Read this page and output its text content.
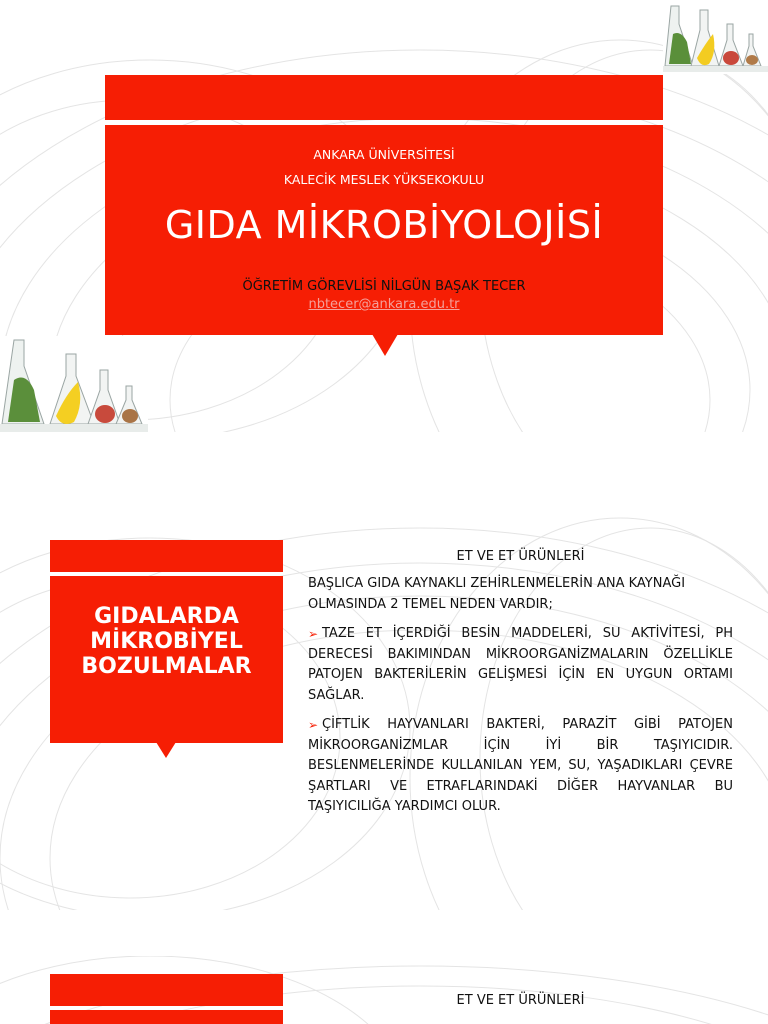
ANKARA ÜNİVERSİTESİ
KALECİK MESLEK YÜKSEKOKULU
GIDA MİKROBİYOLOJİSİ
ÖĞRETİM GÖREVLİSİ NİLGÜN BAŞAK TECER
nbtecer@ankara.edu.tr
GIDALARDA MİKROBİYEL BOZULMALAR
ET VE ET ÜRÜNLERİ
BAŞLICA GIDA KAYNAKLI ZEHİRLENMELERİN ANA KAYNAĞI OLMASINDA 2 TEMEL NEDEN VARDIR;
➢ TAZE ET İÇERDİĞİ BESİN MADDELERİ, SU AKTİVİTESİ, PH DERECESİ BAKIMINDAN MİKROORGANİZMALARIN ÖZELLİKLE PATOJEN BAKTERİLERİN GELİŞMESİ İÇİN EN UYGUN ORTAMI SAĞLAR.
➢ ÇİFTLİK HAYVANLARI BAKTERİ, PARAZİT GİBİ PATOJEN MİKROORGANİZMLAR İÇİN İYİ BİR TAŞIYICIDIR. BESLENMELERİNDE KULLANILAN YEM, SU, YAŞADIKLARI ÇEVRE ŞARTLARI VE ETRAFLARINDAKİ DİĞER HAYVANLAR BU TAŞIYICILIĞA YARDIMCI OLUR.
ET VE ET ÜRÜNLERİ
